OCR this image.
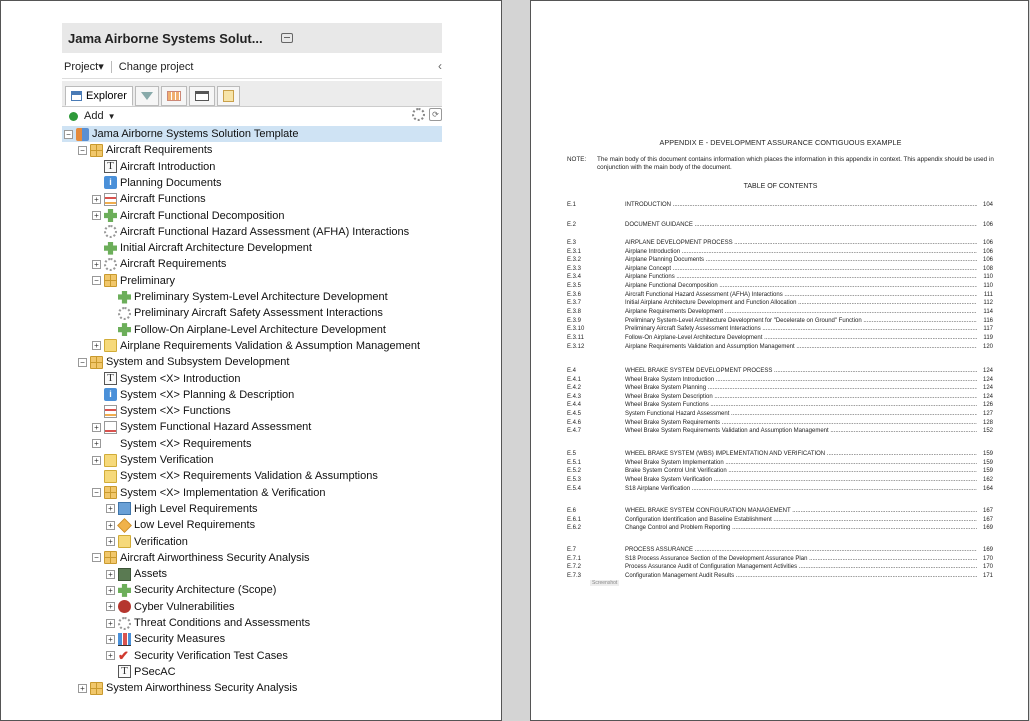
Jama Airborne Systems Solut...
Project▾ Change project	‹
Explorer
Add ▼	⟳
− Jama Airborne Systems Solution Template
− Aircraft Requirements
T Aircraft Introduction
i Planning Documents
+ Aircraft Functions
+ Aircraft Functional Decomposition
Aircraft Functional Hazard Assessment (AFHA) Interactions
Initial Aircraft Architecture Development
+ Aircraft Requirements
− Preliminary
Preliminary System-Level Architecture Development
Preliminary Aircraft Safety Assessment Interactions
Follow-On Airplane-Level Architecture Development
+ Airplane Requirements Validation & Assumption Management
− System and Subsystem Development
T System <X> Introduction
i System <X> Planning & Description
System <X> Functions
+ System Functional Hazard Assessment
+ System <X> Requirements
+ System Verification
System <X> Requirements Validation & Assumptions
− System <X> Implementation & Verification
+ High Level Requirements
+ Low Level Requirements
+ Verification
− Aircraft Airworthiness Security Analysis
+ Assets
+ Security Architecture (Scope)
+ Cyber Vulnerabilities
+ Threat Conditions and Assessments
+ Security Measures
+ ✔ Security Verification Test Cases
T PSecAC
+ System Airworthiness Security Analysis
APPENDIX E - DEVELOPMENT ASSURANCE CONTIGUOUS EXAMPLE
NOTE: The main body of this document contains information which places the information in this appendix in context. This appendix should be used in conjunction with the main body of the document.
TABLE OF CONTENTS
E.1	INTRODUCTION .....	104
E.2	DOCUMENT GUIDANCE .....	106
E.3	AIRPLANE DEVELOPMENT PROCESS .....	106
E.3.1	Airplane Introduction .....	106
E.3.2	Airplane Planning Documents .....	106
E.3.3	Airplane Concept .....	108
E.3.4	Airplane Functions .....	110
E.3.5	Airplane Functional Decomposition .....	110
E.3.6	Aircraft Functional Hazard Assessment (AFHA) Interactions .....	111
E.3.7	Initial Airplane Architecture Development and Function Allocation .....	112
E.3.8	Airplane Requirements Development .....	114
E.3.9	Preliminary System-Level Architecture Development for "Decelerate on Ground" Function .....	116
E.3.10	Preliminary Aircraft Safety Assessment Interactions .....	117
E.3.11	Follow-On Airplane-Level Architecture Development .....	119
E.3.12	Airplane Requirements Validation and Assumption Management .....	120
E.4	WHEEL BRAKE SYSTEM DEVELOPMENT PROCESS .....	124
E.4.1	Wheel Brake System Introduction .....	124
E.4.2	Wheel Brake System Planning .....	124
E.4.3	Wheel Brake System Description .....	124
E.4.4	Wheel Brake System Functions .....	126
E.4.5	System Functional Hazard Assessment .....	127
E.4.6	Wheel Brake System Requirements .....	128
E.4.7	Wheel Brake System Requirements Validation and Assumption Management .....	152
E.5	WHEEL BRAKE SYSTEM (WBS) IMPLEMENTATION AND VERIFICATION .....	159
E.5.1	Wheel Brake System Implementation .....	159
E.5.2	Brake System Control Unit Verification .....	159
E.5.3	Wheel Brake System Verification .....	162
E.5.4	S18 Airplane Verification .....	164
E.6	WHEEL BRAKE SYSTEM CONFIGURATION MANAGEMENT .....	167
E.6.1	Configuration Identification and Baseline Establishment .....	167
E.6.2	Change Control and Problem Reporting .....	169
E.7	PROCESS ASSURANCE .....	169
E.7.1	S18 Process Assurance Section of the Development Assurance Plan .....	170
E.7.2	Process Assurance Audit of Configuration Management Activities .....	170
E.7.3	Configuration Management Audit Results .....	171
Screenshot
